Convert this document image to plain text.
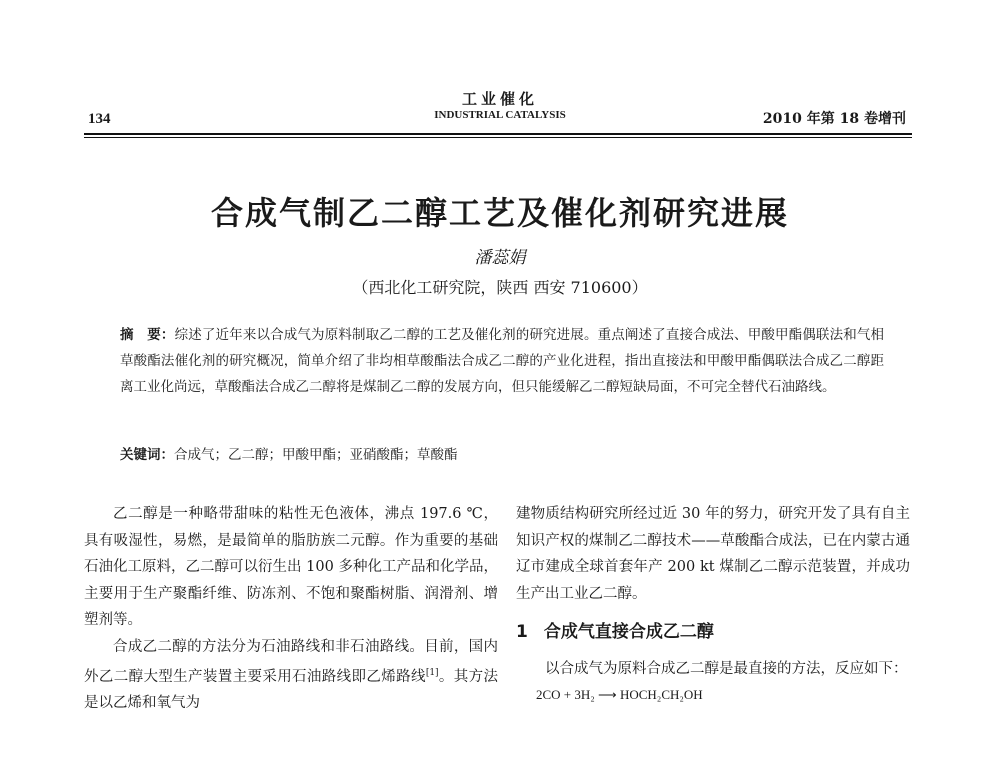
工业催化
INDUSTRIAL CATALYSIS
134	2010 年第 18 卷增刊
合成气制乙二醇工艺及催化剂研究进展
潘蕊娟
（西北化工研究院，陕西 西安 710600）
摘　要：综述了近年来以合成气为原料制取乙二醇的工艺及催化剂的研究进展。重点阐述了直接合成法、甲酸甲酯偶联法和气相草酸酯法催化剂的研究概况，简单介绍了非均相草酸酯法合成乙二醇的产业化进程，指出直接法和甲酸甲酯偶联法合成乙二醇距离工业化尚远，草酸酯法合成乙二醇将是煤制乙二醇的发展方向，但只能缓解乙二醇短缺局面，不可完全替代石油路线。
关键词：合成气；乙二醇；甲酸甲酯；亚硝酸酯；草酸酯

乙二醇是一种略带甜味的粘性无色液体，沸点 197.6 ℃，具有吸湿性，易燃，是最简单的脂肪族二元醇。作为重要的基础石油化工原料，乙二醇可以衍生出 100 多种化工产品和化学品，主要用于生产聚酯纤维、防冻剂、不饱和聚酯树脂、润滑剂、增塑剂等。

合成乙二醇的方法分为石油路线和非石油路线。目前，国内外乙二醇大型生产装置主要采用石油路线即乙烯路线[1]。其方法是以乙烯和氧气为

建物质结构研究所经过近 30 年的努力，研究开发了具有自主知识产权的煤制乙二醇技术——草酸酯合成法，已在内蒙古通辽市建成全球首套年产 200 kt 煤制乙二醇示范装置，并成功生产出工业乙二醇。

1 合成气直接合成乙二醇

以合成气为原料合成乙二醇是最直接的方法，反应如下：

2CO + 3H₂ ⟶ HOCH₂CH₂OH
